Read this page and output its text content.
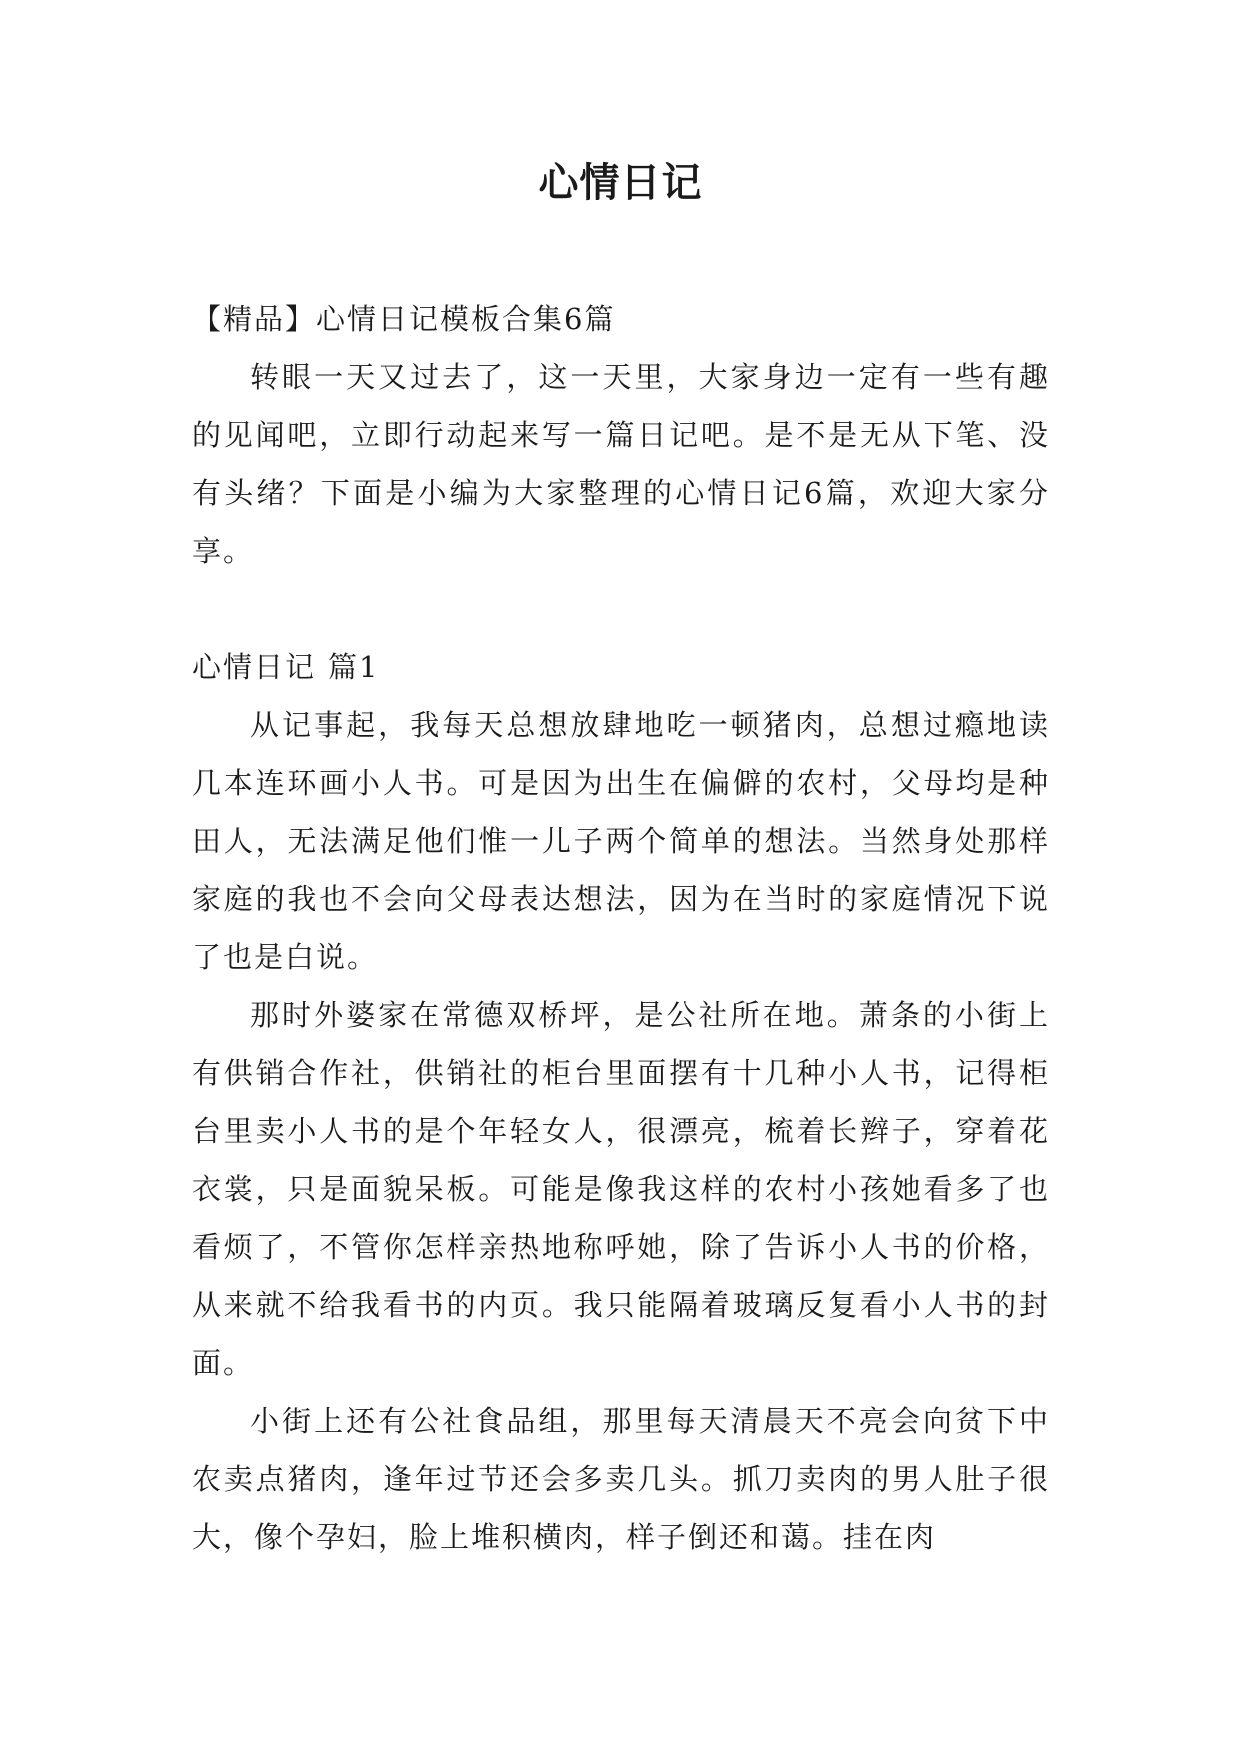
心情日记

【精品】心情日记模板合集6篇

转眼一天又过去了，这一天里，大家身边一定有一些有趣的见闻吧，立即行动起来写一篇日记吧。是不是无从下笔、没有头绪？下面是小编为大家整理的心情日记6篇，欢迎大家分享。

心情日记 篇1

从记事起，我每天总想放肆地吃一顿猪肉，总想过瘾地读几本连环画小人书。可是因为出生在偏僻的农村，父母均是种田人，无法满足他们惟一儿子两个简单的想法。当然身处那样家庭的我也不会向父母表达想法，因为在当时的家庭情况下说了也是白说。

那时外婆家在常德双桥坪，是公社所在地。萧条的小街上有供销合作社，供销社的柜台里面摆有十几种小人书，记得柜台里卖小人书的是个年轻女人，很漂亮，梳着长辫子，穿着花衣裳，只是面貌呆板。可能是像我这样的农村小孩她看多了也看烦了，不管你怎样亲热地称呼她，除了告诉小人书的价格，从来就不给我看书的内页。我只能隔着玻璃反复看小人书的封面。

小街上还有公社食品组，那里每天清晨天不亮会向贫下中农卖点猪肉，逢年过节还会多卖几头。抓刀卖肉的男人肚子很大，像个孕妇，脸上堆积横肉，样子倒还和蔼。挂在肉
